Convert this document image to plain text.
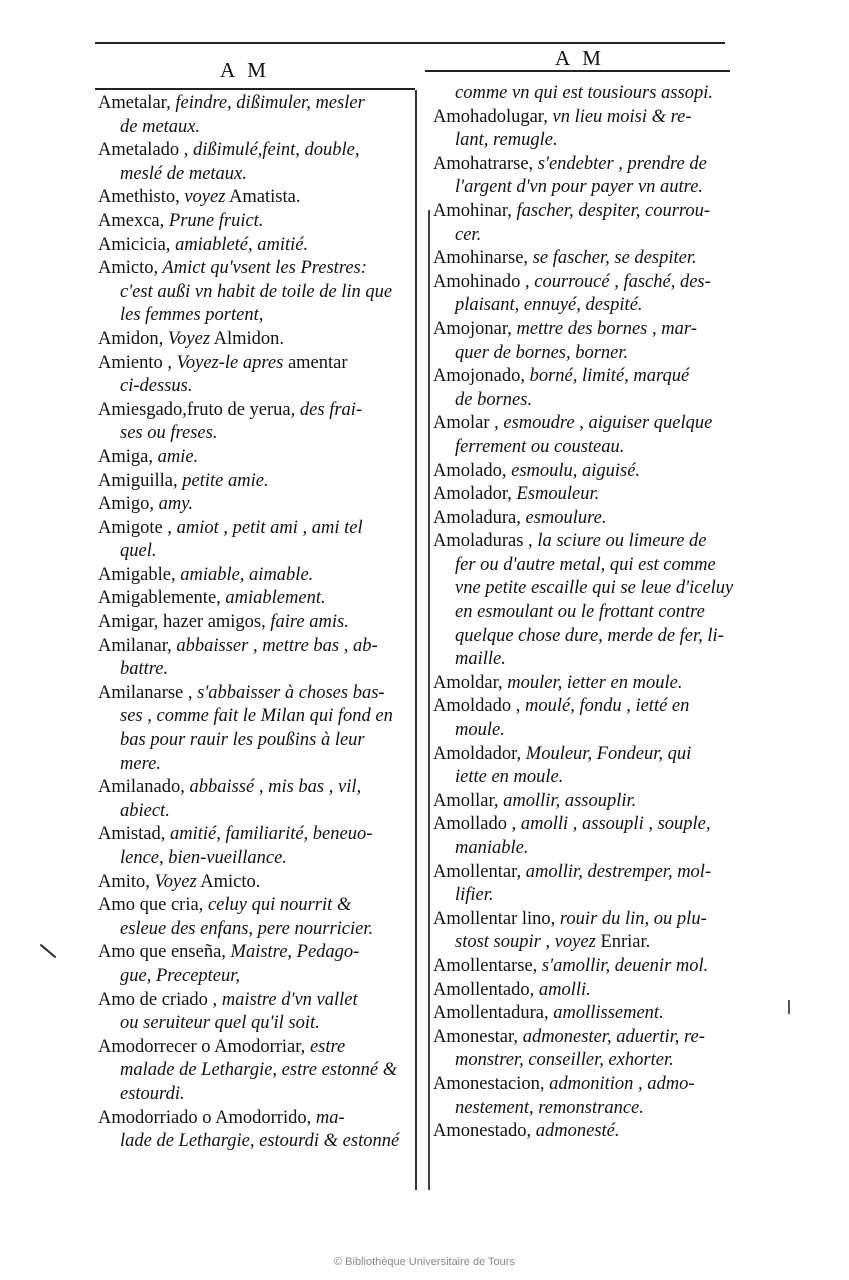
A M	A M
Ametalar, feindre, dißimuler, mesler
de metaux.
Ametalado , dißimulé,feint, double,
meslé de metaux.
Amethisto, voyez Amatista.
Amexca, Prune fruict.
Amicicia, amiableté, amitié.
Amicto, Amict qu'vsent les Prestres:
c'est außi vn habit de toile de lin que les femmes portent,
Amidon, Voyez Almidon.
Amiento , Voyez-le apres amentar
ci-dessus.
Amiesgado,fruto de yerua, des frai-
ses ou freses.
Amiga, amie.
Amiguilla, petite amie.
Amigo, amy.
Amigote , amiot , petit ami , ami tel
quel.
Amigable, amiable, aimable.
Amigablemente, amiablement.
Amigar, hazer amigos, faire amis.
Amilanar, abbaisser , mettre bas , ab-
battre.
Amilanarse , s'abbaisser à choses bas-
ses , comme fait le Milan qui fond en bas pour rauir les poußins à leur mere.
Amilanado, abbaissé , mis bas , vil,
abiect.
Amistad, amitié, familiarité, beneuo-
lence, bien-vueillance.
Amito, Voyez Amicto.
Amo que cria, celuy qui nourrit &
esleue des enfans, pere nourricier.
Amo que enseña, Maistre, Pedago-
gue, Precepteur,
Amo de criado , maistre d'vn vallet
ou seruiteur quel qu'il soit.
Amodorrecer o Amodorriar, estre
malade de Lethargie, estre estonné & estourdi.
Amodorriado o Amodorrido, ma-
lade de Lethargie, estourdi & estonné
comme vn qui est tousiours assopi.
Amohadolugar, vn lieu moisi & re-
lant, remugle.
Amohatrarse, s'endebter , prendre de
l'argent d'vn pour payer vn autre.
Amohinar, fascher, despiter, courrou-
cer.
Amohinarse, se fascher, se despiter.
Amohinado , courroucé , fasché, des-
plaisant, ennuyé, despité.
Amojonar, mettre des bornes , mar-
quer de bornes, borner.
Amojonado, borné, limité, marqué
de bornes.
Amolar , esmoudre , aiguiser quelque
ferrement ou cousteau.
Amolado, esmoulu, aiguisé.
Amolador, Esmouleur.
Amoladura, esmoulure.
Amoladuras , la sciure ou limeure de
fer ou d'autre metal, qui est comme vne petite escaille qui se leue d'iceluy en esmoulant ou le frottant contre quelque chose dure, merde de fer, li-maille.
Amoldar, mouler, ietter en moule.
Amoldado , moulé, fondu , ietté en
moule.
Amoldador, Mouleur, Fondeur, qui
iette en moule.
Amollar, amollir, assouplir.
Amollado , amolli , assoupli , souple,
maniable.
Amollentar, amollir, destremper, mol-
lifier.
Amollentar lino, rouir du lin, ou plu-
stost soupir , voyez Enriar.
Amollentarse, s'amollir, deuenir mol.
Amollentado, amolli.
Amollentadura, amollissement.
Amonestar, admonester, aduertir, re-
monstrer, conseiller, exhorter.
Amonestacion, admonition , admo-
nestement, remonstrance.
Amonestado, admonesté.
© Bibliothèque Universitaire de Tours
